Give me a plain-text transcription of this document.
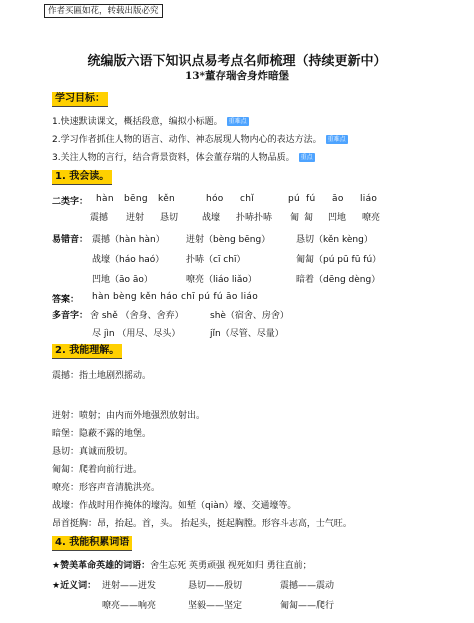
作者买匾如花，转载出版必究
统编版六语下知识点易考点名师梳理（持续更新中）
13*董存瑞舍身炸暗堡
学习目标：
1.快速默读课文，概括段意，编拟小标题。 重难点
2.学习作者抓住人物的语言、动作、神态展现人物内心的表达方法。 重难点
3.关注人物的言行，结合背景资料，体会董存瑞的人物品质。 重点
1. 我会读。
二类字： hàn bēng kěn	hóo chǐ	pú fú āo liáo
震撼 迸射 恳切	战壕 扑哧扑哧 匍 匐 凹地 嘹亮
易错音： 震撼（hàn hàn） 迸射（bèng bēng）	恳切（kěn kèng）
战壕（háo haó） 扑哧（cī chī）	匍匐（pú pū fū fú）
凹地（āo āo）	嘹亮（liáo liǎo）	暗着（dēng dèng）
答案： hàn bèng kěn háo chī pú fú āo liáo
多音字： 舍 shě （舍身、舍弃）	shè（宿舍、房舍）
尽 jìn （用尽、尽头）	jǐn（尽管、尽量）
2. 我能理解。
震撼：指土地剧烈摇动。
迸射：喷射；由内而外地强烈放射出。
暗堡：隐蔽不露的地堡。
恳切：真诚而殷切。
匍匐：爬着向前行进。
嘹亮：形容声音清脆洪亮。
战壕：作战时用作掩体的壕沟。如堑（qiàn）壕、交通壕等。
昂首挺胸：昂，抬起。首，头。 抬起头，挺起胸膛。形容斗志高，士气旺。
4. 我能积累词语
★赞美革命英雄的词语：舍生忘死 英勇顽强 视死如归 勇往直前；
★近义词： 迸射——迸发	恳切——殷切	震撼——震动
嘹亮——响亮	坚毅——坚定	匍匐——爬行
